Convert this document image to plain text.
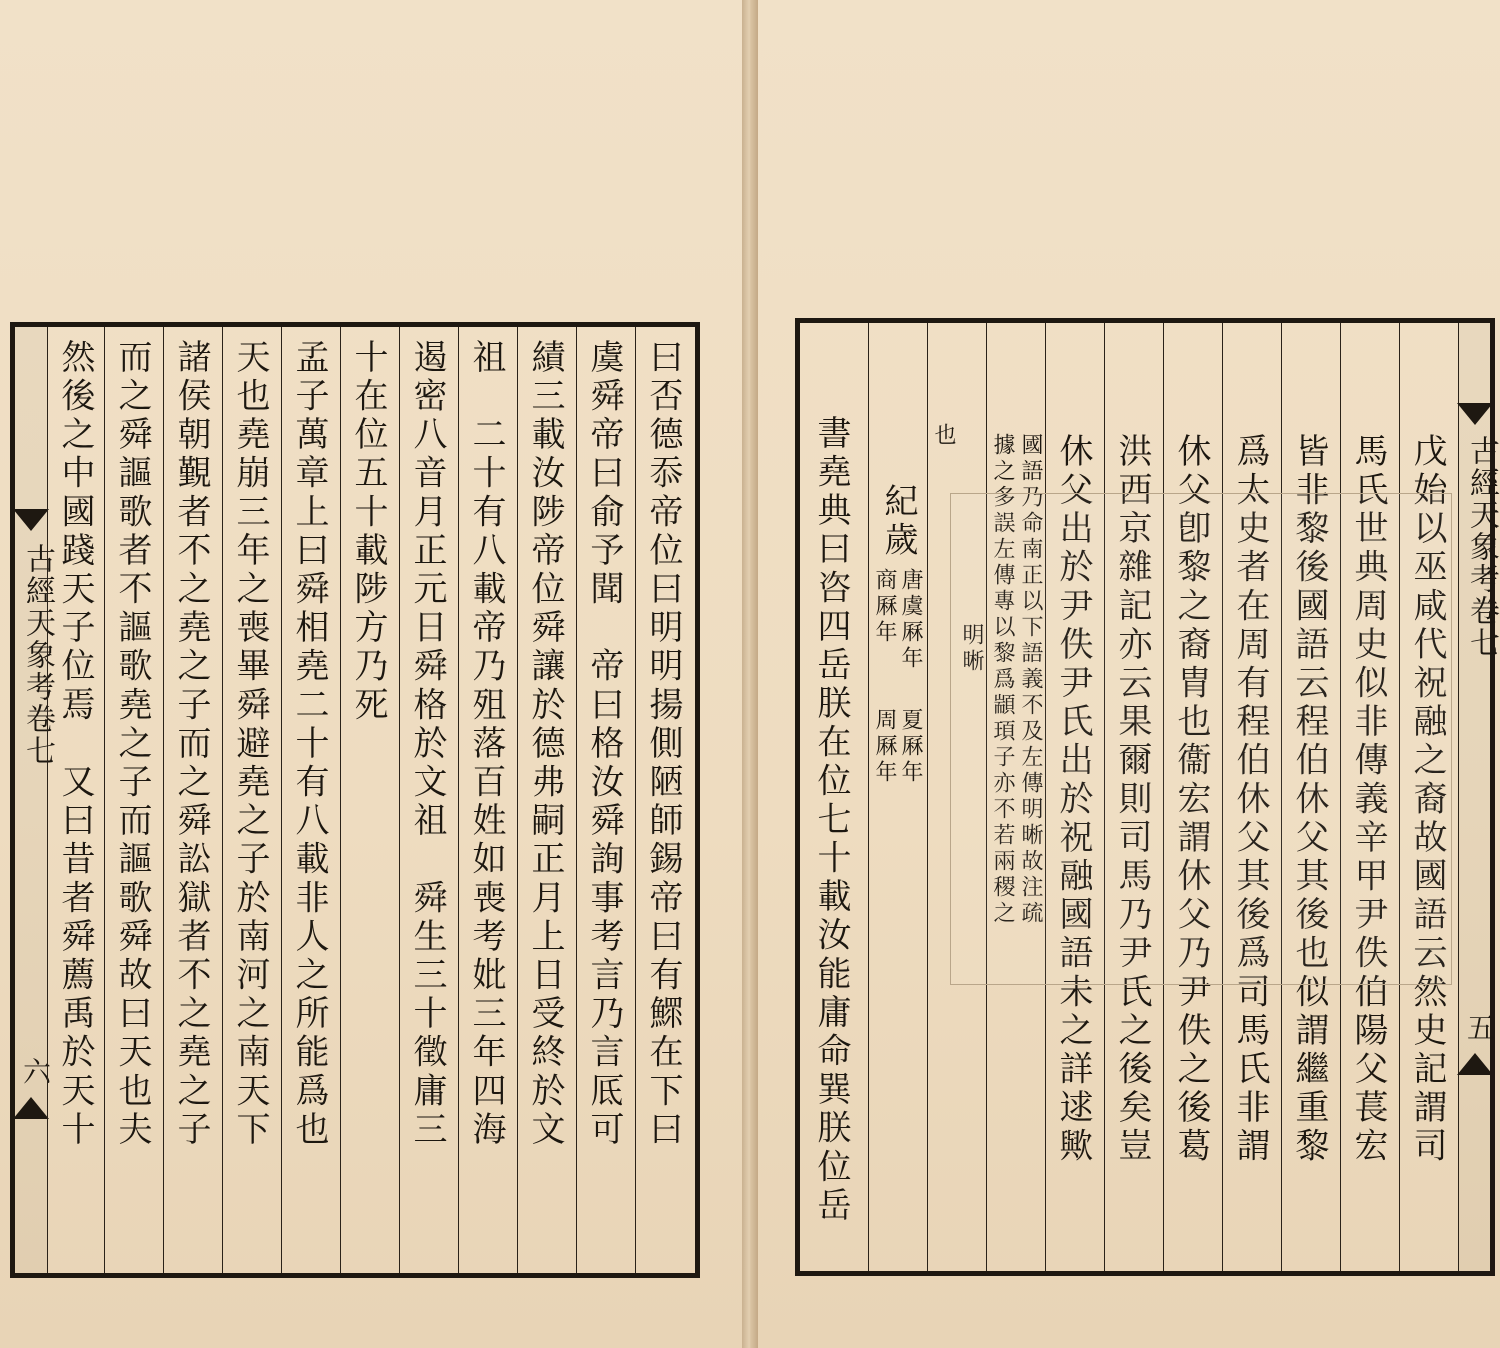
古經天象考卷七
六	曰否德忝帝位曰明明揚側陋師錫帝曰有鰥在下曰
虞舜帝曰俞予聞　帝曰格汝舜詢事考言乃言厎可
績三載汝陟帝位舜讓於德弗嗣正月上日受終於文
祖　二十有八載帝乃殂落百姓如喪考妣三年四海
遏密八音月正元日舜格於文祖　舜生三十徵庸三
十在位五十載陟方乃死
孟子萬章上曰舜相堯二十有八載非人之所能爲也
天也堯崩三年之喪畢舜避堯之子於南河之南天下
諸侯朝覲者不之堯之子而之舜訟獄者不之堯之子
而之舜謳歌者不謳歌堯之子而謳歌舜故曰天也夫
然後之中國踐天子位焉　又曰昔者舜薦禹於天十	古經天象考卷七
五
戊始以巫咸代祝融之裔故國語云然史記謂司
馬氏世典周史似非傳義辛甲尹佚伯陽父萇宏
皆非黎後國語云程伯休父其後也似謂繼重黎
爲太史者在周有程伯休父其後爲司馬氏非謂
休父卽黎之裔胄也衞宏謂休父乃尹佚之後葛
洪西京雜記亦云果爾則司馬乃尹氏之後矣豈
休父出於尹佚尹氏出於祝融國語未之詳逑歟
國語乃命南正以下語義不及左傳明晰故注疏
據之多誤左傳專以黎爲顓頊子亦不若兩稷之
明晰
也
紀歲
唐虞厤年
夏厤年
商厤年
周厤年
書堯典曰咨四岳朕在位七十載汝能庸命巽朕位岳
